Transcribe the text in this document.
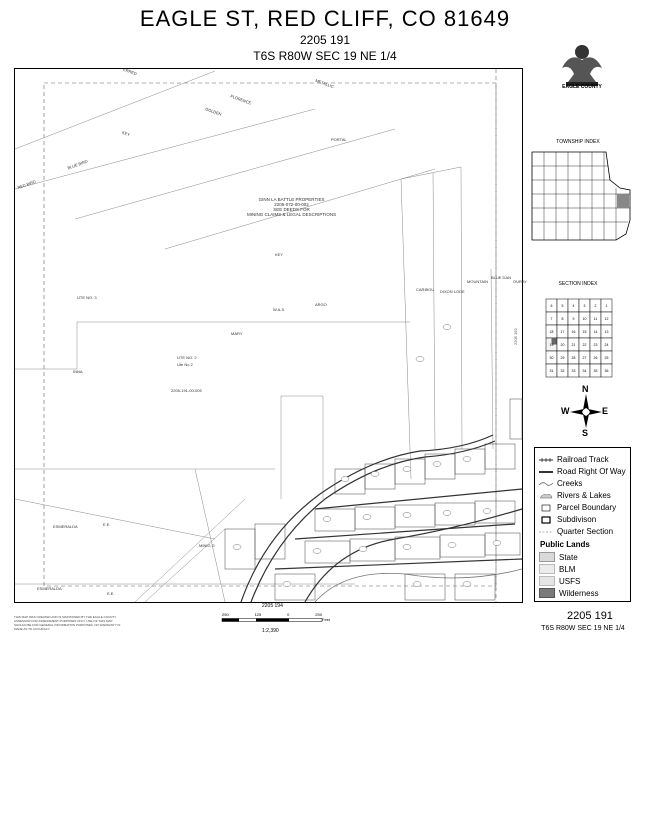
EAGLE ST, RED CLIFF, CO 81649
2205 191
T6S R80W SEC 19 NE 1/4
EAGLE COUNTY
GINN LA BATTLE PROPERTIES
2205-072-00-002
SEE DEEDS FOR
MINING CLAIMS & LEGAL DESCRIPTIONS
2205-191-00-005
Ute No 2
ERRED
GOLDEN
FLORENCE
METALLIC
PORTAL
KEY
BLUE BIRD
RED BIRD
KEY
UTE NO. 3
W.A.S.
ARGO
MARY
UTE NO. 2
INNA
CARIBOU DIXON LODE
MOUNTAIN
BLUE DAN
OURAY
ESMERALDA	E.E.
MINIG G
ESMERALDA
E.E.
2205 192
2205 194
TOWNSHIP INDEX
SECTION INDEX
6	5	4	3	2	1
7	8	9 10 11 12
18 17 16 15 14 13
19 20 21 22 23 24
30 29 28 27 26 25
31 32 33 34 35 36
N
S
W	E
Railroad Track
Road Right Of Way
Creeks
Rivers & Lakes
Parcel Boundary
Subdivison
Quarter Section
Public Lands
State
BLM
USFS
Wilderness
2205 191
T6S R80W SEC 19 NE 1/4
THIS MAP WAS CREATED AND IS MAINTAINED BY THE EAGLE COUNTY ASSESSOR FOR ASSESSMENT PURPOSES ONLY. USE OF THIS MAP SHOULD BE FOR GENERAL INFORMATION PURPOSES. NO WARRANTY IS MADE AS TO ACCURACY.
250	125	0	250
Feet
1:2,390
